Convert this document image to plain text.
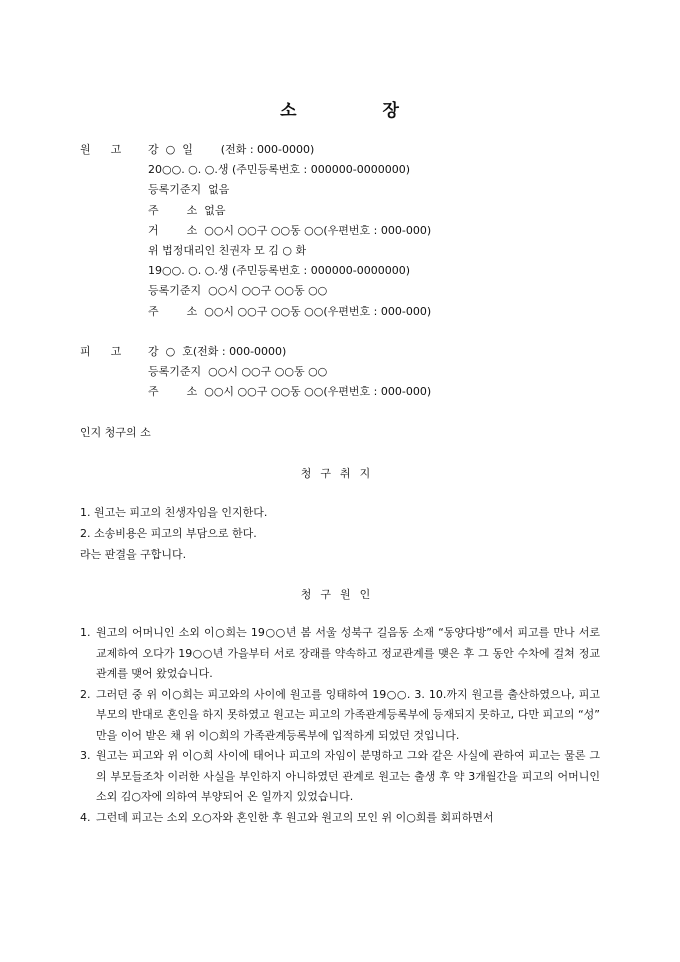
소 장
원고 강  ○  일        (전화 : 000-0000)
20○○. ○. ○.생 (주민등록번호 : 000000-0000000)
등록기준지  없음
주        소  없음
거        소  ○○시 ○○구 ○○동 ○○(우편번호 : 000-000)
위 법정대리인 친권자 모 김 ○ 화
19○○. ○. ○.생 (주민등록번호 : 000000-0000000)
등록기준지  ○○시 ○○구 ○○동 ○○
주        소  ○○시 ○○구 ○○동 ○○(우편번호 : 000-000)
피고 강  ○  호(전화 : 000-0000)
등록기준지  ○○시 ○○구 ○○동 ○○
주        소  ○○시 ○○구 ○○동 ○○(우편번호 : 000-000)
인지 청구의 소
청구취지
1. 원고는 피고의 친생자임을 인지한다.
2. 소송비용은 피고의 부담으로 한다.
라는 판결을 구합니다.
청구원인
1. 원고의 어머니인 소외 이○희는 19○○년 봄 서울 성북구 길음동 소재 “동양다방”에서 피고를 만나 서로 교제하여 오다가 19○○년 가을부터 서로 장래를 약속하고 정교관계를 맺은 후 그 동안 수차에 걸쳐 정교관계를 맺어 왔었습니다.
2. 그러던 중 위 이○희는 피고와의 사이에 원고를 잉태하여 19○○. 3. 10.까지 원고를 출산하였으나, 피고 부모의 반대로 혼인을 하지 못하였고 원고는 피고의 가족관계등록부에 등재되지 못하고, 다만 피고의 “성” 만을 이어 받은 채 위 이○희의 가족관계등록부에 입적하게 되었던 것입니다.
3. 원고는 피고와 위 이○희 사이에 태어나 피고의 자임이 분명하고 그와 같은 사실에 관하여 피고는 물론 그의 부모들조차 이러한 사실을 부인하지 아니하였던 관계로 원고는 출생 후 약 3개월간을 피고의 어머니인 소외 김○자에 의하여 부양되어 온 일까지 있었습니다.
4. 그런데 피고는 소외 오○자와 혼인한 후 원고와 원고의 모인 위 이○희를 회피하면서
